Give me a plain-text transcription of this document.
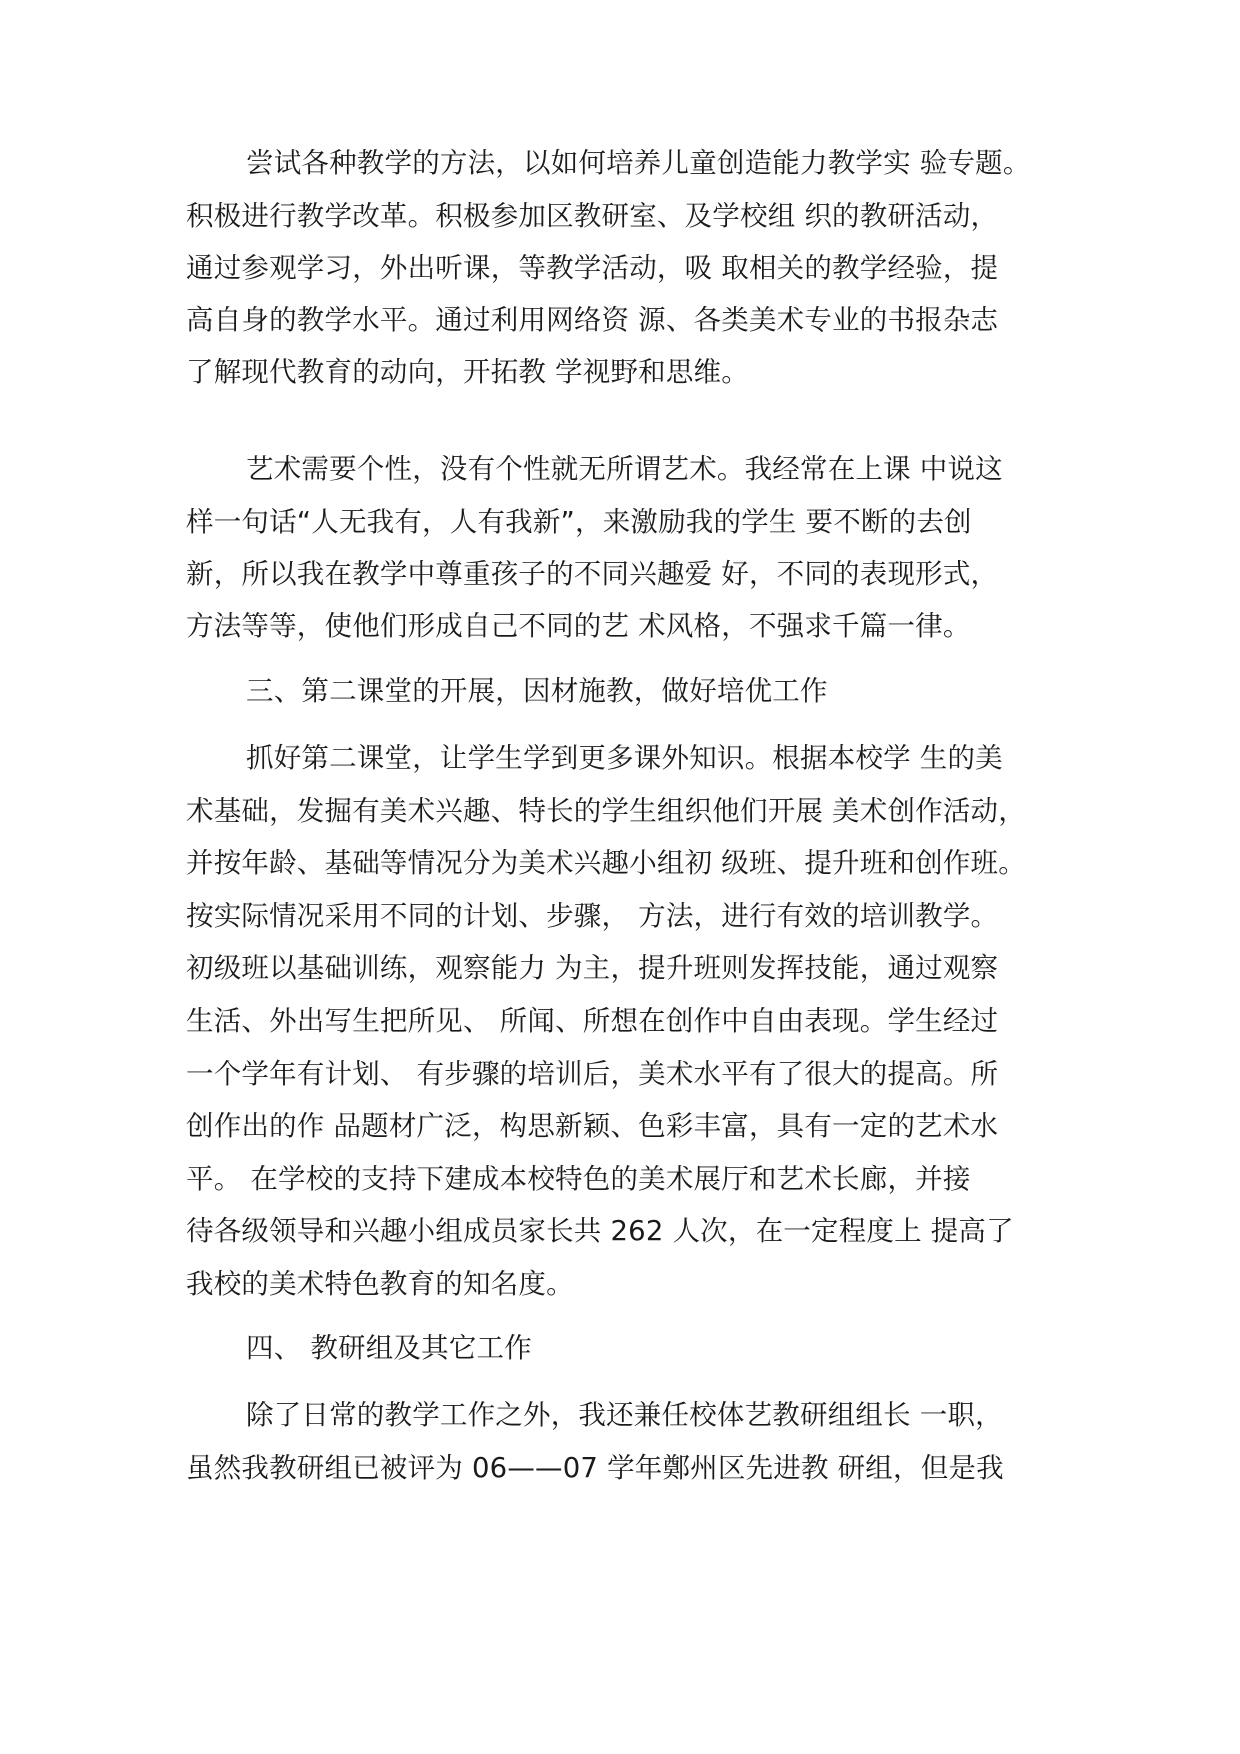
尝试各种教学的方法，以如何培养儿童创造能力教学实 验专题。
积极进行教学改革。积极参加区教研室、及学校组 织的教研活动，
通过参观学习，外出听课，等教学活动，吸 取相关的教学经验，提
高自身的教学水平。通过利用网络资 源、各类美术专业的书报杂志
了解现代教育的动向，开拓教 学视野和思维。
艺术需要个性，没有个性就无所谓艺术。我经常在上课 中说这
样一句话“人无我有，人有我新”，来激励我的学生 要不断的去创
新，所以我在教学中尊重孩子的不同兴趣爱 好，不同的表现形式，
方法等等，使他们形成自己不同的艺 术风格，不强求千篇一律。
三、第二课堂的开展，因材施教，做好培优工作
抓好第二课堂，让学生学到更多课外知识。根据本校学 生的美
术基础，发掘有美术兴趣、特长的学生组织他们开展 美术创作活动，
并按年龄、基础等情况分为美术兴趣小组初 级班、提升班和创作班。
按实际情况采用不同的计划、步骤， 方法，进行有效的培训教学。
初级班以基础训练，观察能力 为主，提升班则发挥技能，通过观察
生活、外出写生把所见、 所闻、所想在创作中自由表现。学生经过
一个学年有计划、 有步骤的培训后，美术水平有了很大的提高。所
创作出的作 品题材广泛，构思新颖、色彩丰富，具有一定的艺术水
平。 在学校的支持下建成本校特色的美术展厅和艺术长廊，并接
待各级领导和兴趣小组成员家长共 262 人次，在一定程度上 提高了
我校的美术特色教育的知名度。
四、 教研组及其它工作
除了日常的教学工作之外，我还兼任校体艺教研组组长 一职，
虽然我教研组已被评为 06——07 学年鄭州区先进教 研组，但是我
